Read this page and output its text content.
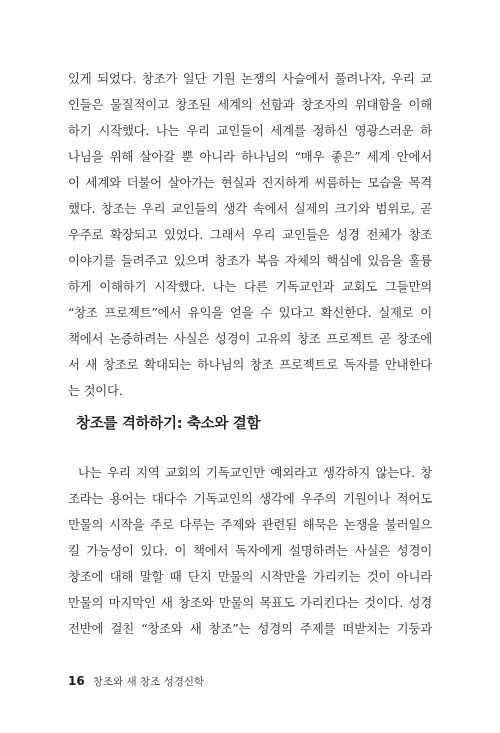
있게 되었다. 창조가 일단 기원 논쟁의 사슬에서 풀려나자, 우리 교

인들은 물질적이고 창조된 세계의 선함과 창조자의 위대함을 이해

하기 시작했다. 나는 우리 교인들이 세계를 정하신 영광스러운 하

나님을 위해 살아갈 뿐 아니라 하나님의 “매우 좋은” 세계 안에서

이 세계와 더불어 살아가는 현실과 진지하게 씨름하는 모습을 목격

했다. 창조는 우리 교인들의 생각 속에서 실제의 크기와 범위로, 곧

우주로 확장되고 있었다. 그래서 우리 교인들은 성경 전체가 창조

이야기를 들려주고 있으며 창조가 복음 자체의 핵심에 있음을 훌륭

하게 이해하기 시작했다. 나는 다른 기독교인과 교회도 그들만의

“창조 프로젝트”에서 유익을 얻을 수 있다고 확신한다. 실제로 이

책에서 논증하려는 사실은 성경이 고유의 창조 프로젝트 곧 창조에

서 새 창조로 확대되는 하나님의 창조 프로젝트로 독자를 안내한다

는 것이다.

창조를 격하하기: 축소와 결함

나는 우리 지역 교회의 기독교인만 예외라고 생각하지 않는다. 창

조라는 용어는 대다수 기독교인의 생각에 우주의 기원이나 적어도

만물의 시작을 주로 다루는 주제와 관련된 해묵은 논쟁을 불러일으

킬 가능성이 있다. 이 책에서 독자에게 설명하려는 사실은 성경이

창조에 대해 말할 때 단지 만물의 시작만을 가리키는 것이 아니라

만물의 마지막인 새 창조와 만물의 목표도 가리킨다는 것이다. 성경

전반에 걸친 “창조와 새 창조”는 성경의 주제를 떠받치는 기둥과

16 창조와 새 창조 성경신학
